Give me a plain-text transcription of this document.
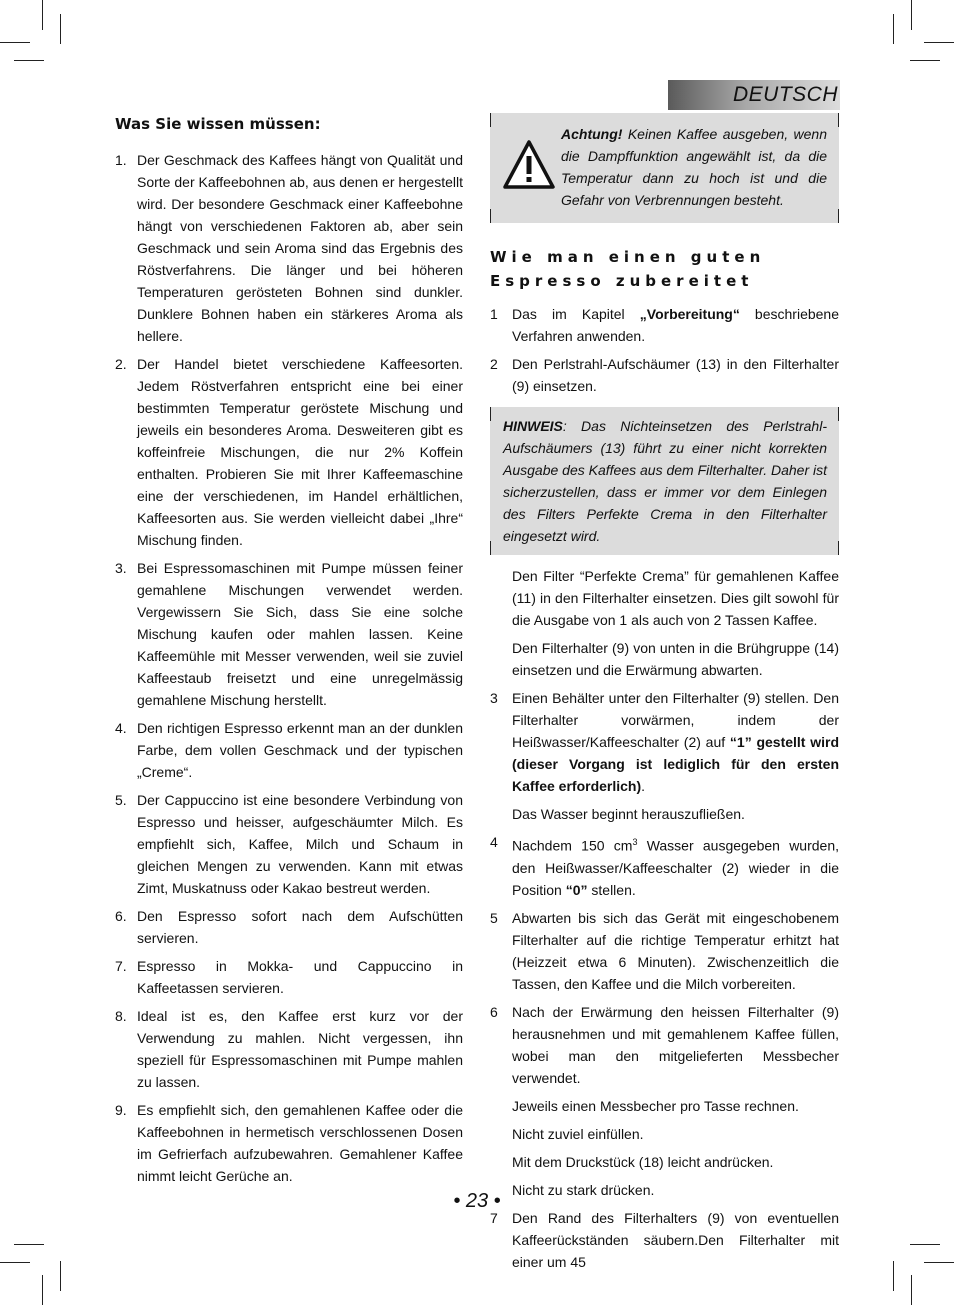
DEUTSCH
Was Sie wissen müssen:
1. Der Geschmack des Kaffees hängt von Qualität und Sorte der Kaffeebohnen ab, aus denen er hergestellt wird. Der besondere Geschmack einer Kaffeebohne hängt von verschiedenen Faktoren ab, aber sein Geschmack und sein Aroma sind das Ergebnis des Röstverfahrens. Die länger und bei höheren Temperaturen gerösteten Bohnen sind dunkler. Dunklere Bohnen haben ein stärkeres Aroma als hellere.
2. Der Handel bietet verschiedene Kaffeesorten. Jedem Röstverfahren entspricht eine bei einer bestimmten Temperatur geröstete Mischung und jeweils ein besonderes Aroma. Desweiteren gibt es koffeinfreie Mischungen, die nur 2% Koffein enthalten. Probieren Sie mit Ihrer Kaffeemaschine eine der verschiedenen, im Handel erhältlichen, Kaffeesorten aus. Sie werden vielleicht dabei „Ihre“ Mischung finden.
3. Bei Espressomaschinen mit Pumpe müssen feiner gemahlene Mischungen verwendet werden. Vergewissern Sie Sich, dass Sie eine solche Mischung kaufen oder mahlen lassen. Keine Kaffeemühle mit Messer verwenden, weil sie zuviel Kaffeestaub freisetzt und eine unregelmässig gemahlene Mischung herstellt.
4. Den richtigen Espresso erkennt man an der dunklen Farbe, dem vollen Geschmack und der typischen „Creme“.
5. Der Cappuccino ist eine besondere Verbindung von Espresso und heisser, aufgeschäumter Milch. Es empfiehlt sich, Kaffee, Milch und Schaum in gleichen Mengen zu verwenden. Kann mit etwas Zimt, Muskatnuss oder Kakao bestreut werden.
6. Den Espresso sofort nach dem Aufschütten servieren.
7. Espresso in Mokka- und Cappuccino in Kaffeetassen servieren.
8. Ideal ist es, den Kaffee erst kurz vor der Verwendung zu mahlen. Nicht vergessen, ihn speziell für Espressomaschinen mit Pumpe mahlen zu lassen.
9. Es empfiehlt sich, den gemahlenen Kaffee oder die Kaffeebohnen in hermetisch verschlossenen Dosen im Gefrierfach aufzubewahren. Gemahlener Kaffee nimmt leicht Gerüche an.
Achtung! Keinen Kaffee ausgeben, wenn die Dampffunktion angewählt ist, da die Temperatur dann zu hoch ist und die Gefahr von Verbrennungen besteht.
Wie man einen guten Espresso zubereitet
1	Das im Kapitel „Vorbereitung“ beschriebene Verfahren anwenden.
2	Den Perlstrahl-Aufschäumer (13) in den Filterhalter (9) einsetzen.
HINWEIS: Das Nichteinsetzen des Perlstrahl-Aufschäumers (13) führt zu einer nicht korrekten Ausgabe des Kaffees aus dem Filterhalter. Daher ist sicherzustellen, dass er immer vor dem Einlegen des Filters Perfekte Crema in den Filterhalter eingesetzt wird.
Den Filter “Perfekte Crema” für gemahlenen Kaffee (11) in den Filterhalter einsetzen. Dies gilt sowohl für die Ausgabe von 1 als auch von 2 Tassen Kaffee.
Den Filterhalter (9) von unten in die Brühgruppe (14) einsetzen und die Erwärmung abwarten.
3	Einen Behälter unter den Filterhalter (9) stellen. Den Filterhalter vorwärmen, indem der Heißwasser/Kaffeeschalter (2) auf “1” gestellt wird (dieser Vorgang ist lediglich für den ersten Kaffee erforderlich).
Das Wasser beginnt herauszufließen.
4	Nachdem 150 $cm^3$ Wasser ausgegeben wurden, den Heißwasser/Kaffeeschalter (2) wieder in die Position “0” stellen.
5	Abwarten bis sich das Gerät mit eingeschobenem Filterhalter auf die richtige Temperatur erhitzt hat (Heizzeit etwa 6 Minuten). Zwischenzeitlich die Tassen, den Kaffee und die Milch vorbereiten.
6	Nach der Erwärmung den heissen Filterhalter (9) herausnehmen und mit gemahlenem Kaffee füllen, wobei man den mitgelieferten Messbecher verwendet.
Jeweils einen Messbecher pro Tasse rechnen.
Nicht zuviel einfüllen.
Mit dem Druckstück (18) leicht andrücken.
Nicht zu stark drücken.
7	Den Rand des Filterhalters (9) von eventuellen Kaffeerückständen säubern.Den Filterhalter mit einer um 45
• 23 •
